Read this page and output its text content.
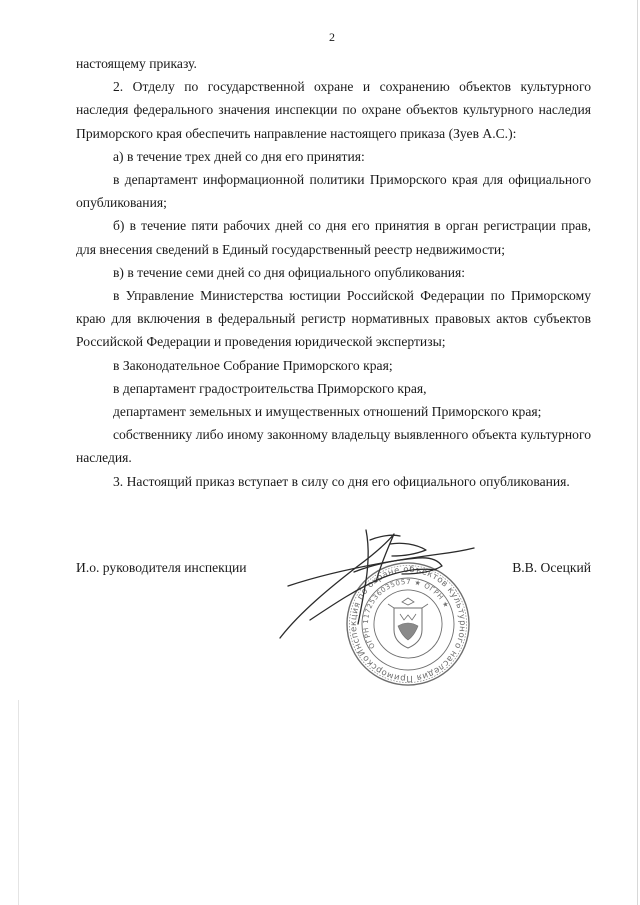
2

настоящему приказу.

2. Отделу по государственной охране и сохранению объектов культурного наследия федерального значения инспекции по охране объектов культурного наследия Приморского края обеспечить направление настоящего приказа (Зуев А.С.):

а) в течение трех дней со дня его принятия:

в департамент информационной политики Приморского края для официального опубликования;

б) в течение пяти рабочих дней со дня его принятия в орган регистрации прав, для внесения сведений в Единый государственный реестр недвижимости;

в) в течение семи дней со дня официального опубликования:

в Управление Министерства юстиции Российской Федерации по Приморскому краю для включения в федеральный регистр нормативных правовых актов субъектов Российской Федерации и проведения юридической экспертизы;

в Законодательное Собрание Приморского края;

в департамент градостроительства Приморского края,

департамент земельных и имущественных отношений Приморского края;

собственнику либо иному законному владельцу выявленного объекта культурного наследия.

3. Настоящий приказ вступает в силу со дня его официального опубликования.

И.о. руководителя инспекции	В.В. Осецкий
Инспекция по охране объектов культурного наследия Приморского
ОГРН 1172536035057 ★ ОГРН ★
